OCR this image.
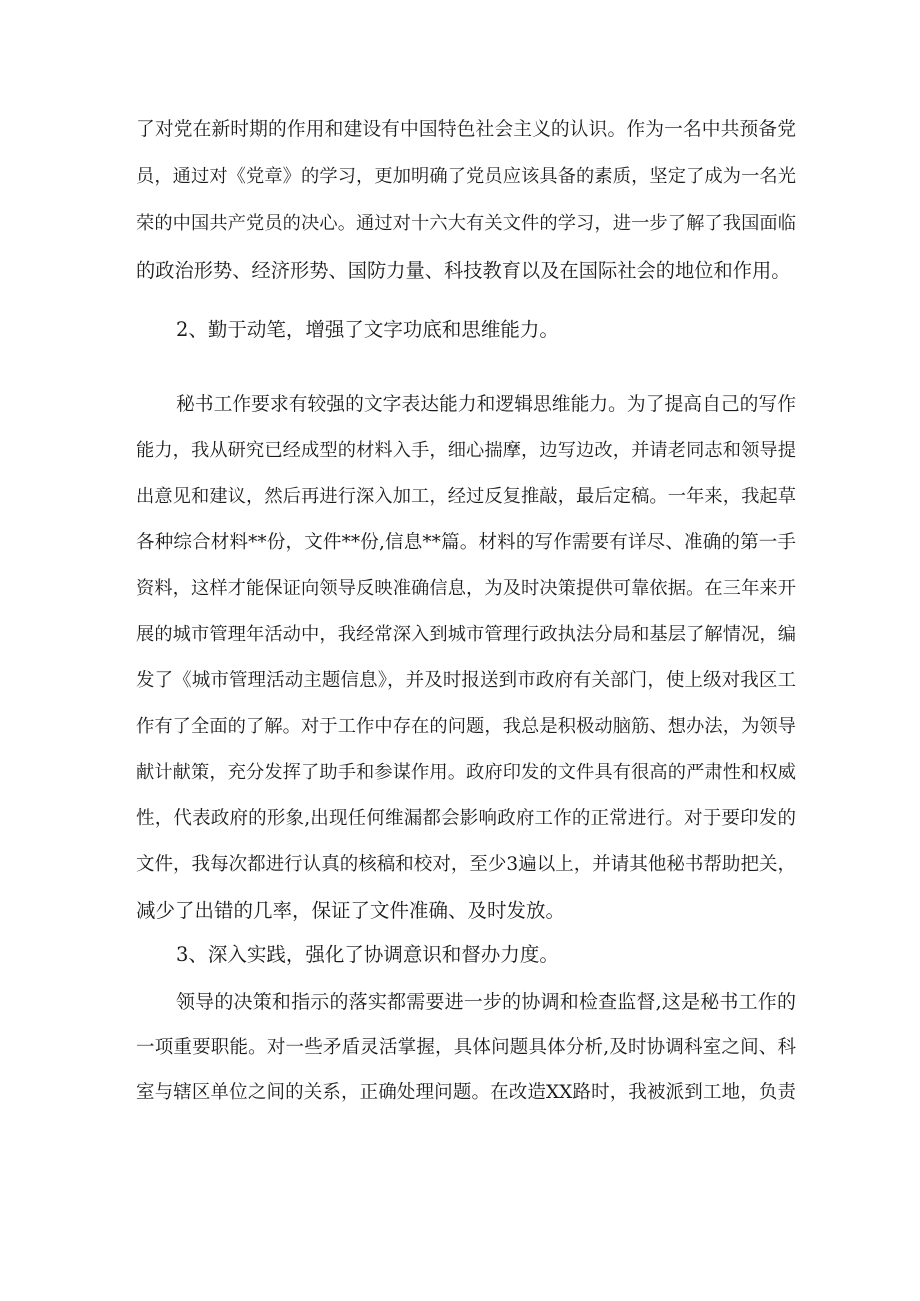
了对党在新时期的作用和建设有中国特色社会主义的认识。作为一名中共预备党
员，通过对《党章》的学习，更加明确了党员应该具备的素质，坚定了成为一名光
荣的中国共产党员的决心。通过对十六大有关文件的学习，进一步了解了我国面临
的政治形势、经济形势、国防力量、科技教育以及在国际社会的地位和作用。
2、勤于动笔，增强了文字功底和思维能力。
秘书工作要求有较强的文字表达能力和逻辑思维能力。为了提高自己的写作
能力，我从研究已经成型的材料入手，细心揣摩，边写边改，并请老同志和领导提
出意见和建议，然后再进行深入加工，经过反复推敲，最后定稿。一年来，我起草
各种综合材料**份，文件**份,信息**篇。材料的写作需要有详尽、准确的第一手
资料，这样才能保证向领导反映准确信息，为及时决策提供可靠依据。在三年来开
展的城市管理年活动中，我经常深入到城市管理行政执法分局和基层了解情况，编
发了《城市管理活动主题信息》，并及时报送到市政府有关部门，使上级对我区工
作有了全面的了解。对于工作中存在的问题，我总是积极动脑筋、想办法，为领导
献计献策，充分发挥了助手和参谋作用。政府印发的文件具有很高的严肃性和权威
性，代表政府的形象,出现任何维漏都会影响政府工作的正常进行。对于要印发的
文件，我每次都进行认真的核稿和校对，至少3遍以上，并请其他秘书帮助把关，
减少了出错的几率，保证了文件准确、及时发放。
3、深入实践，强化了协调意识和督办力度。
领导的决策和指示的落实都需要进一步的协调和检查监督,这是秘书工作的
一项重要职能。对一些矛盾灵活掌握，具体问题具体分析,及时协调科室之间、科
室与辖区单位之间的关系，正确处理问题。在改造XX路时，我被派到工地，负责
